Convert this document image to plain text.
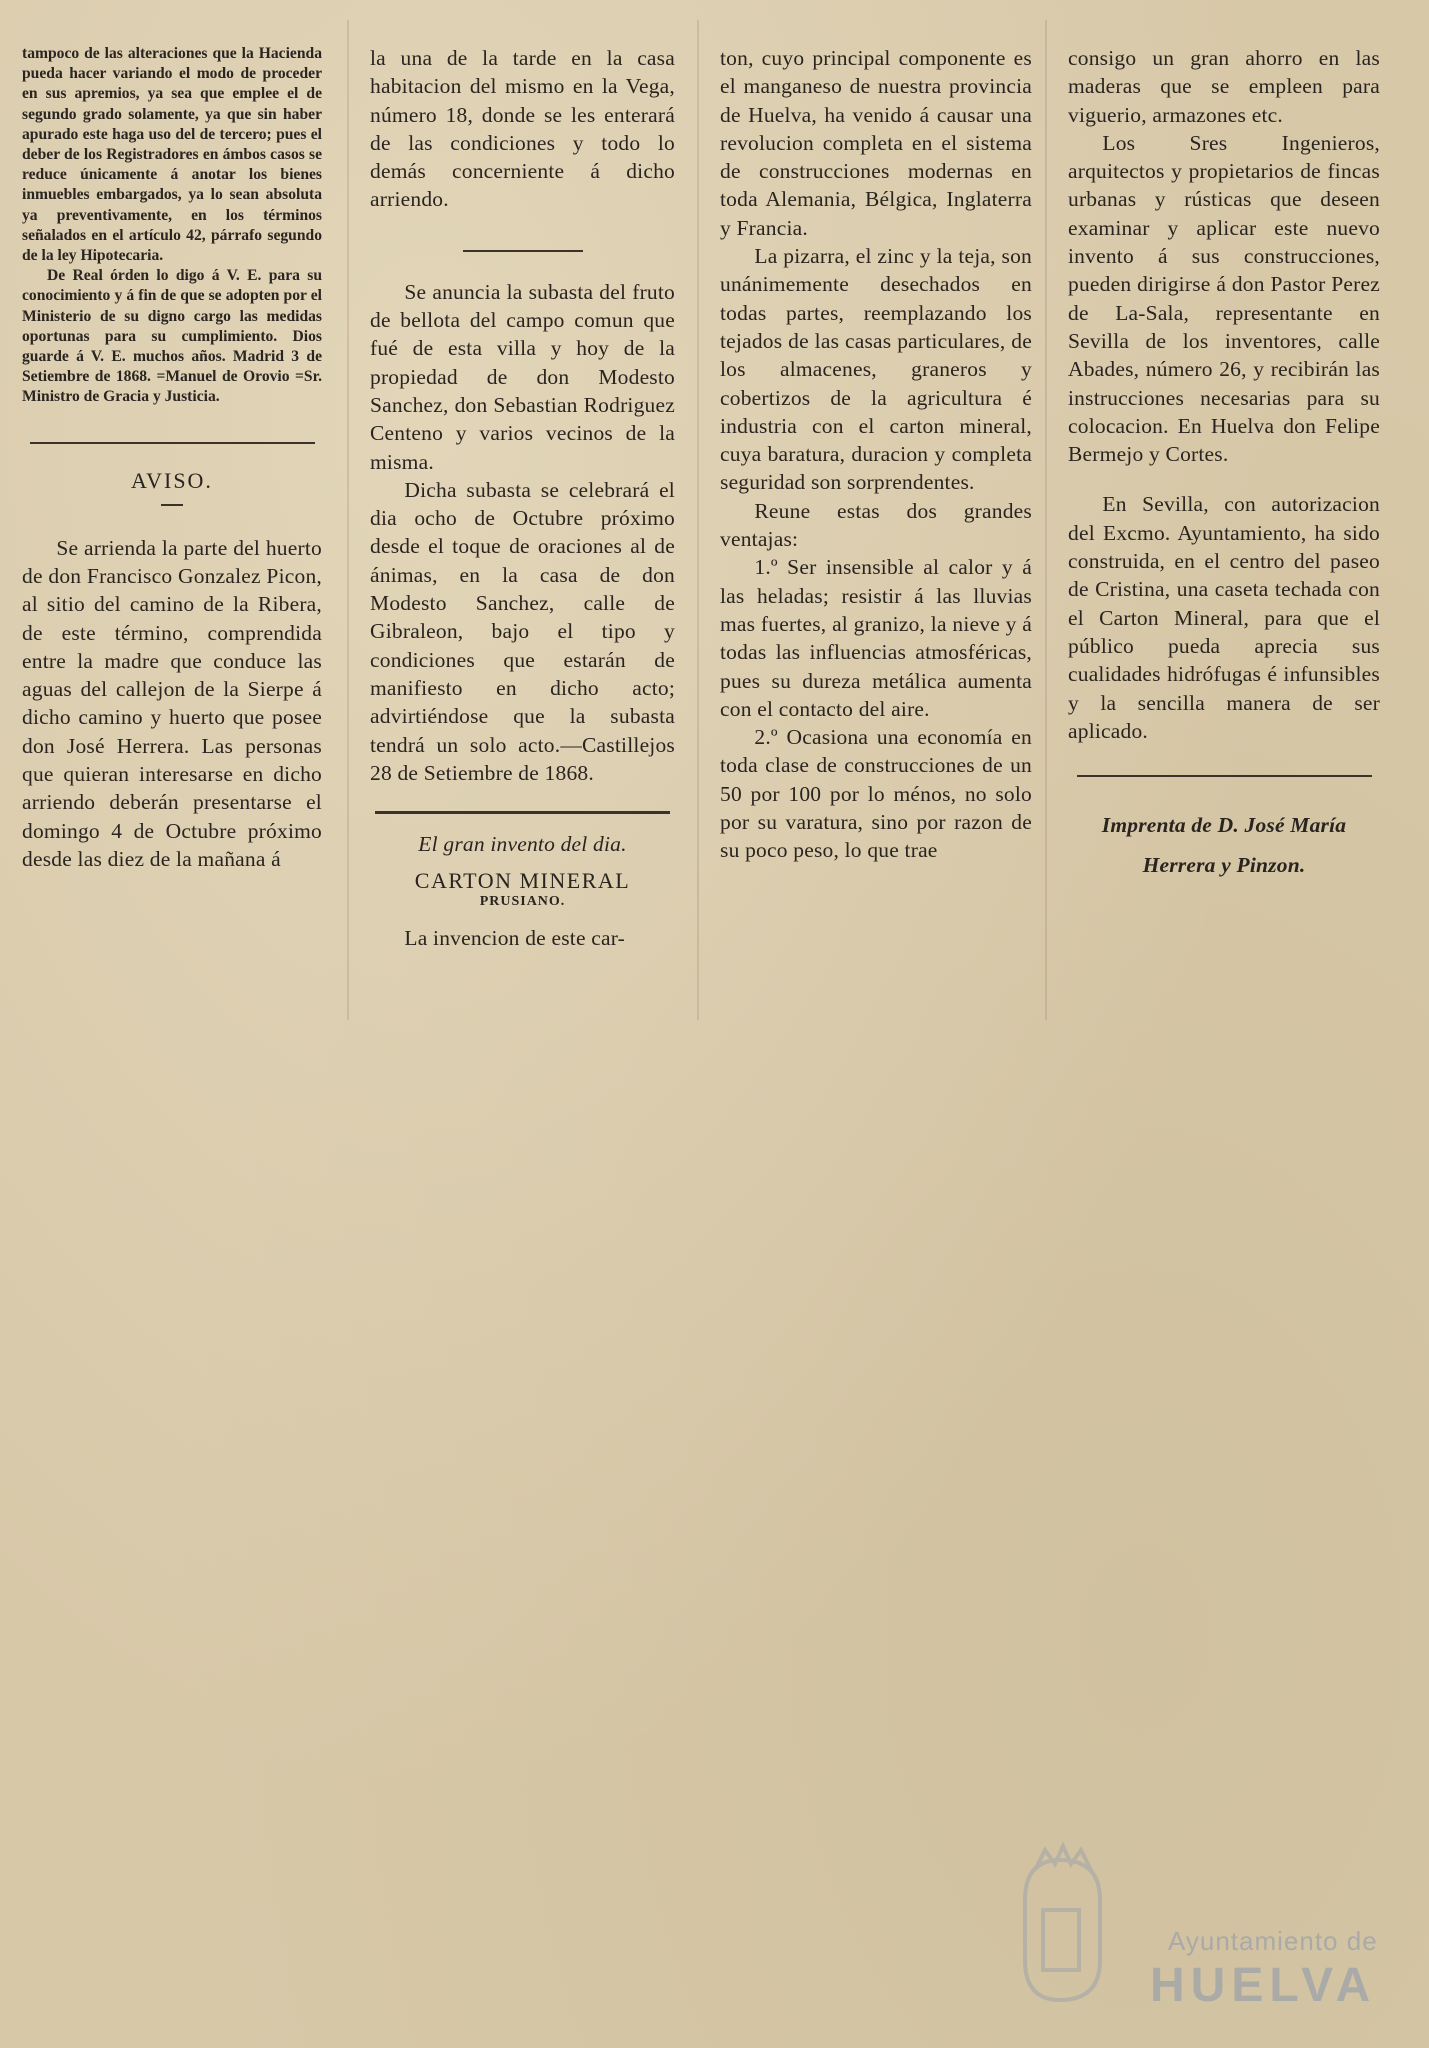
tampoco de las alteraciones que la Hacienda pueda hacer variando el modo de proceder en sus apremios, ya sea que emplee el de segundo grado solamente, ya que sin haber apurado este haga uso del de tercero; pues el deber de los Registradores en ámbos casos se reduce únicamente á anotar los bienes inmuebles embargados, ya lo sean absoluta ya preventivamente, en los términos señalados en el artículo 42, párrafo segundo de la ley Hipotecaria.

De Real órden lo digo á V. E. para su conocimiento y á fin de que se adopten por el Ministerio de su digno cargo las medidas oportunas para su cumplimiento. Dios guarde á V. E. muchos años. Madrid 3 de Setiembre de 1868. =Manuel de Orovio =Sr. Ministro de Gracia y Justicia.

AVISO.

Se arrienda la parte del huerto de don Francisco Gonzalez Picon, al sitio del camino de la Ribera, de este término, comprendida entre la madre que conduce las aguas del callejon de la Sierpe á dicho camino y huerto que posee don José Herrera. Las personas que quieran interesarse en dicho arriendo deberán presentarse el domingo 4 de Octubre próximo desde las diez de la mañana á

la una de la tarde en la casa habitacion del mismo en la Vega, número 18, donde se les enterará de las condiciones y todo lo demás concerniente á dicho arriendo.

Se anuncia la subasta del fruto de bellota del campo comun que fué de esta villa y hoy de la propiedad de don Modesto Sanchez, don Sebastian Rodriguez Centeno y varios vecinos de la misma.

Dicha subasta se celebrará el dia ocho de Octubre próximo desde el toque de oraciones al de ánimas, en la casa de don Modesto Sanchez, calle de Gibraleon, bajo el tipo y condiciones que estarán de manifiesto en dicho acto; advirtiéndose que la subasta tendrá un solo acto.—Castillejos 28 de Setiembre de 1868.

El gran invento del dia.

CARTON MINERAL

PRUSIANO.

La invencion de este car-

ton, cuyo principal componente es el manganeso de nuestra provincia de Huelva, ha venido á causar una revolucion completa en el sistema de construcciones modernas en toda Alemania, Bélgica, Inglaterra y Francia.

La pizarra, el zinc y la teja, son unánimemente desechados en todas partes, reemplazando los tejados de las casas particulares, de los almacenes, graneros y cobertizos de la agricultura é industria con el carton mineral, cuya baratura, duracion y completa seguridad son sorprendentes.

Reune estas dos grandes ventajas:

1.º Ser insensible al calor y á las heladas; resistir á las lluvias mas fuertes, al granizo, la nieve y á todas las influencias atmosféricas, pues su dureza metálica aumenta con el contacto del aire.

2.º Ocasiona una economía en toda clase de construcciones de un 50 por 100 por lo ménos, no solo por su varatura, sino por razon de su poco peso, lo que trae

consigo un gran ahorro en las maderas que se empleen para viguerio, armazones etc.

Los Sres Ingenieros, arquitectos y propietarios de fincas urbanas y rústicas que deseen examinar y aplicar este nuevo invento á sus construcciones, pueden dirigirse á don Pastor Perez de La-Sala, representante en Sevilla de los inventores, calle Abades, número 26, y recibirán las instrucciones necesarias para su colocacion. En Huelva don Felipe Bermejo y Cortes.

En Sevilla, con autorizacion del Excmo. Ayuntamiento, ha sido construida, en el centro del paseo de Cristina, una caseta techada con el Carton Mineral, para que el público pueda aprecia sus cualidades hidrófugas é infunsibles y la sencilla manera de ser aplicado.

Imprenta de D. José María

Herrera y Pinzon.

Ayuntamiento de
HUELVA
